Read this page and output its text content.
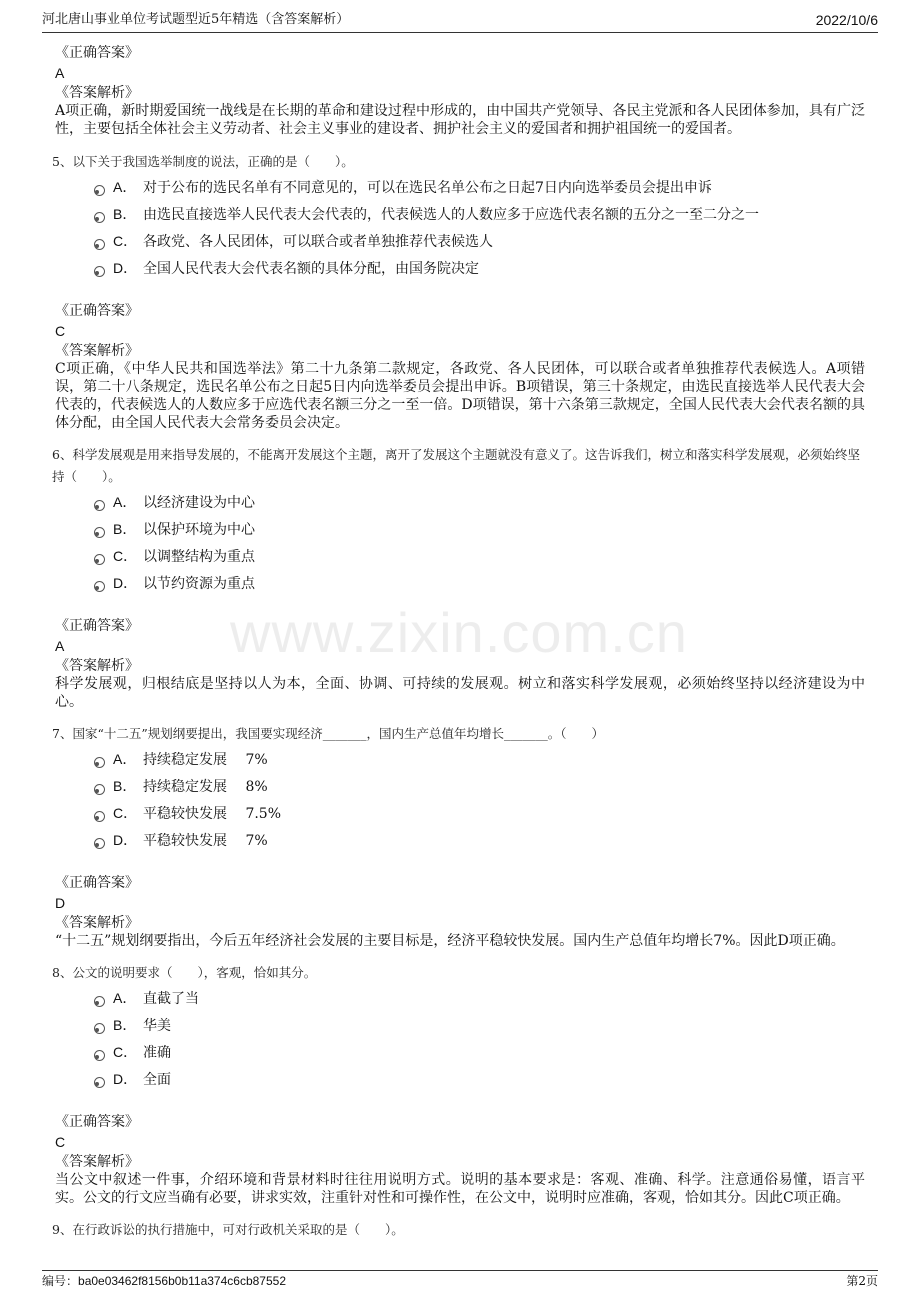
河北唐山事业单位考试题型近5年精选（含答案解析）	2022/10/6
www.zixin.com.cn

《正确答案》

A

《答案解析》

A项正确，新时期爱国统一战线是在长期的革命和建设过程中形成的，由中国共产党领导、各民主党派和各人民团体参加，具有广泛性，主要包括全体社会主义劳动者、社会主义事业的建设者、拥护社会主义的爱国者和拥护祖国统一的爱国者。

5、以下关于我国选举制度的说法，正确的是（　　）。

A． 对于公布的选民名单有不同意见的，可以在选民名单公布之日起7日内向选举委员会提出申诉
B． 由选民直接选举人民代表大会代表的，代表候选人的人数应多于应选代表名额的五分之一至二分之一
C． 各政党、各人民团体，可以联合或者单独推荐代表候选人
D． 全国人民代表大会代表名额的具体分配，由国务院决定

《正确答案》

C

《答案解析》

C项正确，《中华人民共和国选举法》第二十九条第二款规定，各政党、各人民团体，可以联合或者单独推荐代表候选人。A项错误，第二十八条规定，选民名单公布之日起5日内向选举委员会提出申诉。B项错误，第三十条规定，由选民直接选举人民代表大会代表的，代表候选人的人数应多于应选代表名额三分之一至一倍。D项错误，第十六条第三款规定，全国人民代表大会代表名额的具体分配，由全国人民代表大会常务委员会决定。

6、科学发展观是用来指导发展的，不能离开发展这个主题，离开了发展这个主题就没有意义了。这告诉我们，树立和落实科学发展观，必须始终坚持（　　）。

A． 以经济建设为中心
B． 以保护环境为中心
C． 以调整结构为重点
D． 以节约资源为重点

《正确答案》

A

《答案解析》

科学发展观，归根结底是坚持以人为本，全面、协调、可持续的发展观。树立和落实科学发展观，必须始终坚持以经济建设为中心。

7、国家“十二五”规划纲要提出，我国要实现经济_______，国内生产总值年均增长_______。（　　）

A． 持续稳定发展　 7%
B． 持续稳定发展　 8%
C． 平稳较快发展　 7.5%
D． 平稳较快发展　 7%

《正确答案》

D

《答案解析》

“十二五”规划纲要指出，今后五年经济社会发展的主要目标是，经济平稳较快发展。国内生产总值年均增长7%。因此D项正确。

8、公文的说明要求（　　），客观，恰如其分。

A． 直截了当
B． 华美
C． 准确
D． 全面

《正确答案》

C

《答案解析》

当公文中叙述一件事，介绍环境和背景材料时往往用说明方式。说明的基本要求是：客观、准确、科学。注意通俗易懂，语言平实。公文的行文应当确有必要，讲求实效，注重针对性和可操作性，在公文中，说明时应准确，客观，恰如其分。因此C项正确。

9、在行政诉讼的执行措施中，可对行政机关采取的是（　　）。

编号：ba0e03462f8156b0b11a374c6cb87552	第2页
